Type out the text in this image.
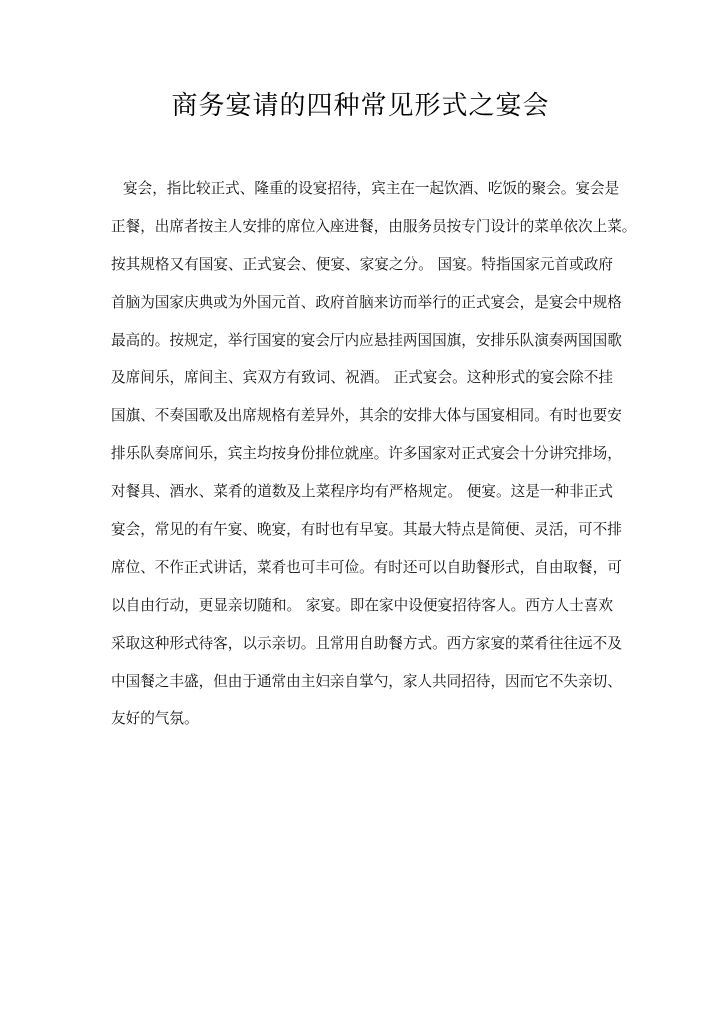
商务宴请的四种常见形式之宴会
宴会，指比较正式、隆重的设宴招待，宾主在一起饮酒、吃饭的聚会。宴会是
正餐，出席者按主人安排的席位入座进餐，由服务员按专门设计的菜单依次上菜。
按其规格又有国宴、正式宴会、便宴、家宴之分。 国宴。特指国家元首或政府
首脑为国家庆典或为外国元首、政府首脑来访而举行的正式宴会，是宴会中规格
最高的。按规定，举行国宴的宴会厅内应悬挂两国国旗，安排乐队演奏两国国歌
及席间乐，席间主、宾双方有致词、祝酒。 正式宴会。这种形式的宴会除不挂
国旗、不奏国歌及出席规格有差异外，其余的安排大体与国宴相同。有时也要安
排乐队奏席间乐，宾主均按身份排位就座。许多国家对正式宴会十分讲究排场，
对餐具、酒水、菜肴的道数及上菜程序均有严格规定。 便宴。这是一种非正式
宴会，常见的有午宴、晚宴，有时也有早宴。其最大特点是简便、灵活，可不排
席位、不作正式讲话，菜肴也可丰可俭。有时还可以自助餐形式，自由取餐，可
以自由行动，更显亲切随和。 家宴。即在家中设便宴招待客人。西方人士喜欢
采取这种形式待客，以示亲切。且常用自助餐方式。西方家宴的菜肴往往远不及
中国餐之丰盛，但由于通常由主妇亲自掌勺，家人共同招待，因而它不失亲切、
友好的气氛。
